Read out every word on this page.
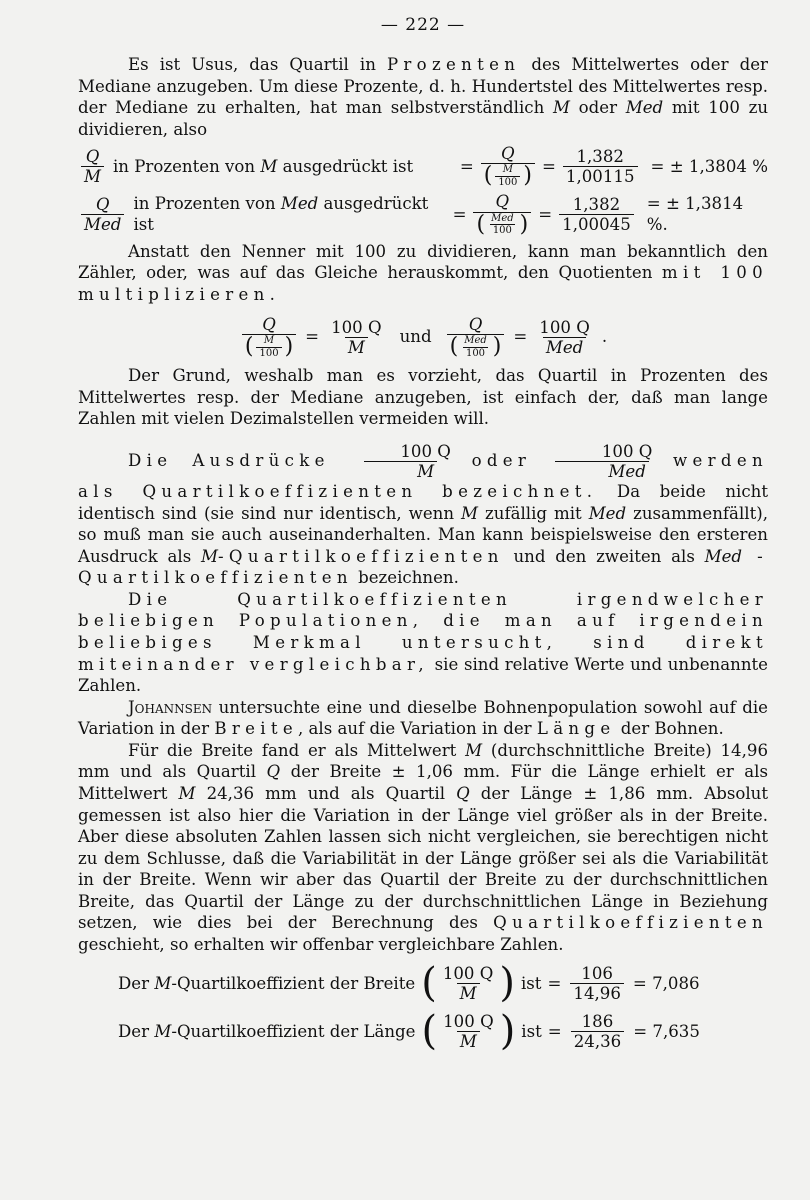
— 222 —

Es ist Usus, das Quartil in Prozenten des Mittelwertes oder der Mediane anzugeben. Um diese Prozente, d. h. Hundertstel des Mittelwertes resp. der Mediane zu erhalten, hat man selbstverständlich M oder Med mit 100 zu dividieren, also

$\frac{Q}{M}$ in Prozenten von M ausgedrückt ist	= $\frac{Q}{( \frac{M}{100} )} = \frac{1,382}{1,00115}$ = ± 1,3804 %
$\frac{Q}{\text{Med}}$ in Prozenten von Med ausgedrückt ist
= $\frac{Q}{( \frac{\text{Med}}{100} )} = \frac{1,382}{1,00045}$ = ± 1,3814 %.

Anstatt den Nenner mit 100 zu dividieren, kann man bekanntlich den Zähler, oder, was auf das Gleiche herauskommt, den Quotienten mit 100 multiplizieren.

$\frac{Q}{( \frac{M}{100} )} = \frac{100 Q}{M}$ und $\frac{Q}{( \frac{\text{Med}}{100} )} = \frac{100 Q}{\text{Med}}$ .

Der Grund, weshalb man es vorzieht, das Quartil in Prozenten des Mittelwertes resp. der Mediane anzugeben, ist einfach der, daß man lange Zahlen mit vielen Dezimalstellen vermeiden will.

Die Ausdrücke $\frac{100 Q}{M}$ oder $\frac{100 Q}{\text{Med}}$ werden als Quartilkoeffizienten bezeichnet. Da beide nicht identisch sind (sie sind nur identisch, wenn M zufällig mit Med zusammenfällt), so muß man sie auch auseinanderhalten. Man kann beispielsweise den ersteren Ausdruck als M-Quartilkoeffizienten und den zweiten als Med - Quartilkoeffizienten bezeichnen.

Die Quartilkoeffizienten irgendwelcher beliebigen Populationen, die man auf irgendein beliebiges Merkmal untersucht, sind direkt miteinander vergleichbar, sie sind relative Werte und unbenannte Zahlen.

Johannsen untersuchte eine und dieselbe Bohnenpopulation sowohl auf die Variation in der Breite, als auf die Variation in der Länge der Bohnen.

Für die Breite fand er als Mittelwert M (durchschnittliche Breite) 14,96 mm und als Quartil Q der Breite ± 1,06 mm. Für die Länge erhielt er als Mittelwert M 24,36 mm und als Quartil Q der Länge ± 1,86 mm. Absolut gemessen ist also hier die Variation in der Länge viel größer als in der Breite. Aber diese absoluten Zahlen lassen sich nicht vergleichen, sie berechtigen nicht zu dem Schlusse, daß die Variabilität in der Länge größer sei als die Variabilität in der Breite. Wenn wir aber das Quartil der Breite zu der durchschnittlichen Breite, das Quartil der Länge zu der durchschnittlichen Länge in Beziehung setzen, wie dies bei der Berechnung des Quartilkoeffizienten geschieht, so erhalten wir offenbar vergleichbare Zahlen.

Der M-Quartilkoeffizient der Breite ( $\frac{100 Q}{M}$ ) ist = $\frac{106}{14,96} = 7,086$
Der M-Quartilkoeffizient der Länge ( $\frac{100 Q}{M}$ ) ist = $\frac{186}{24,36} = 7,635$
